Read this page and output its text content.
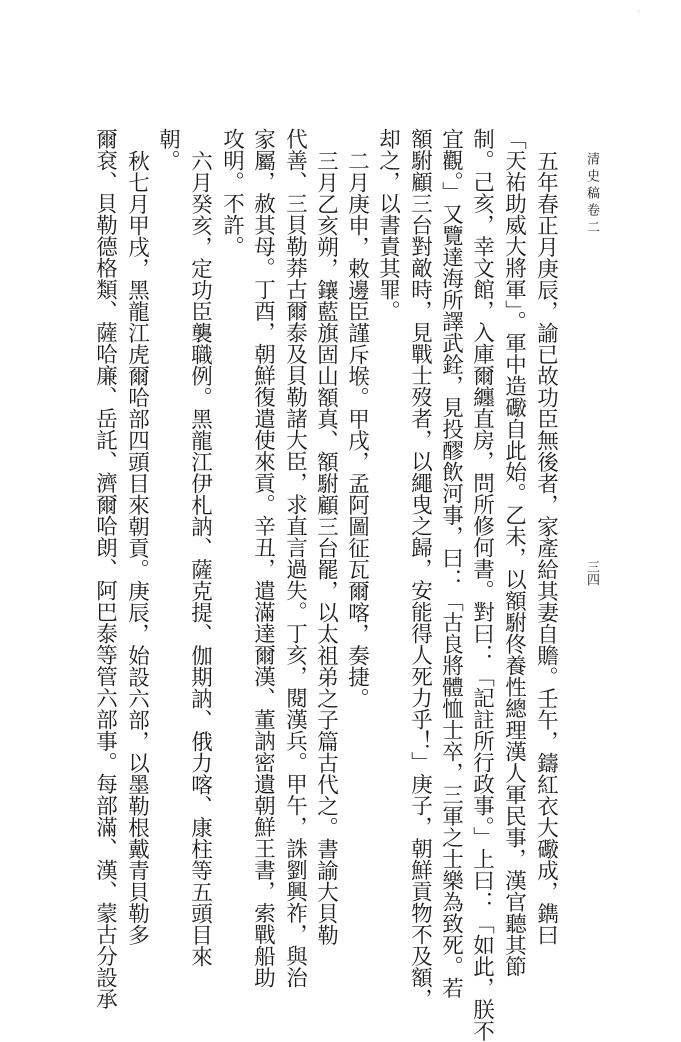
·
清史稿卷二
三四
五年春正月庚辰，諭已故功臣無後者，家產給其妻自贍。壬午，鑄紅衣大礮成，鐫曰
「天祐助威大將軍」。軍中造礮自此始。乙未，以額駙佟養性總理漢人軍民事，漢官聽其節
制。己亥，幸文館，入庫爾纏直房，問所修何書。對曰：「記註所行政事。」上曰：「如此，朕不
宜觀。」又覽達海所譯武銓，見投醪飲河事，曰：「古良將體恤士卒，三軍之士樂為致死。若
額駙顧三台對敵時，見戰士歿者，以繩曳之歸，安能得人死力乎！」庚子，朝鮮貢物不及額，
却之，以書責其罪。
二月庚申，敕邊臣謹斥堠。甲戌，孟阿圖征瓦爾喀，奏捷。
三月乙亥朔，鑲藍旗固山額真、額駙顧三台罷，以太祖弟之子篇古代之。書諭大貝勒
代善、三貝勒莽古爾泰及貝勒諸大臣，求直言過失。丁亥，閱漢兵。甲午，誅劉興祚，與治
家屬，赦其母。丁酉，朝鮮復遣使來貢。辛丑，遣滿達爾漢、董訥密遺朝鮮王書，索戰船助
攻明。不許。
六月癸亥，定功臣襲職例。黑龍江伊札訥、薩克提、伽期訥、俄力喀、康柱等五頭目來
朝。
秋七月甲戌，黑龍江虎爾哈部四頭目來朝貢。庚辰，始設六部，以墨勒根戴青貝勒多
爾袞、貝勒德格類、薩哈廉、岳託、濟爾哈朗、阿巴泰等管六部事。每部滿、漢、蒙古分設承
